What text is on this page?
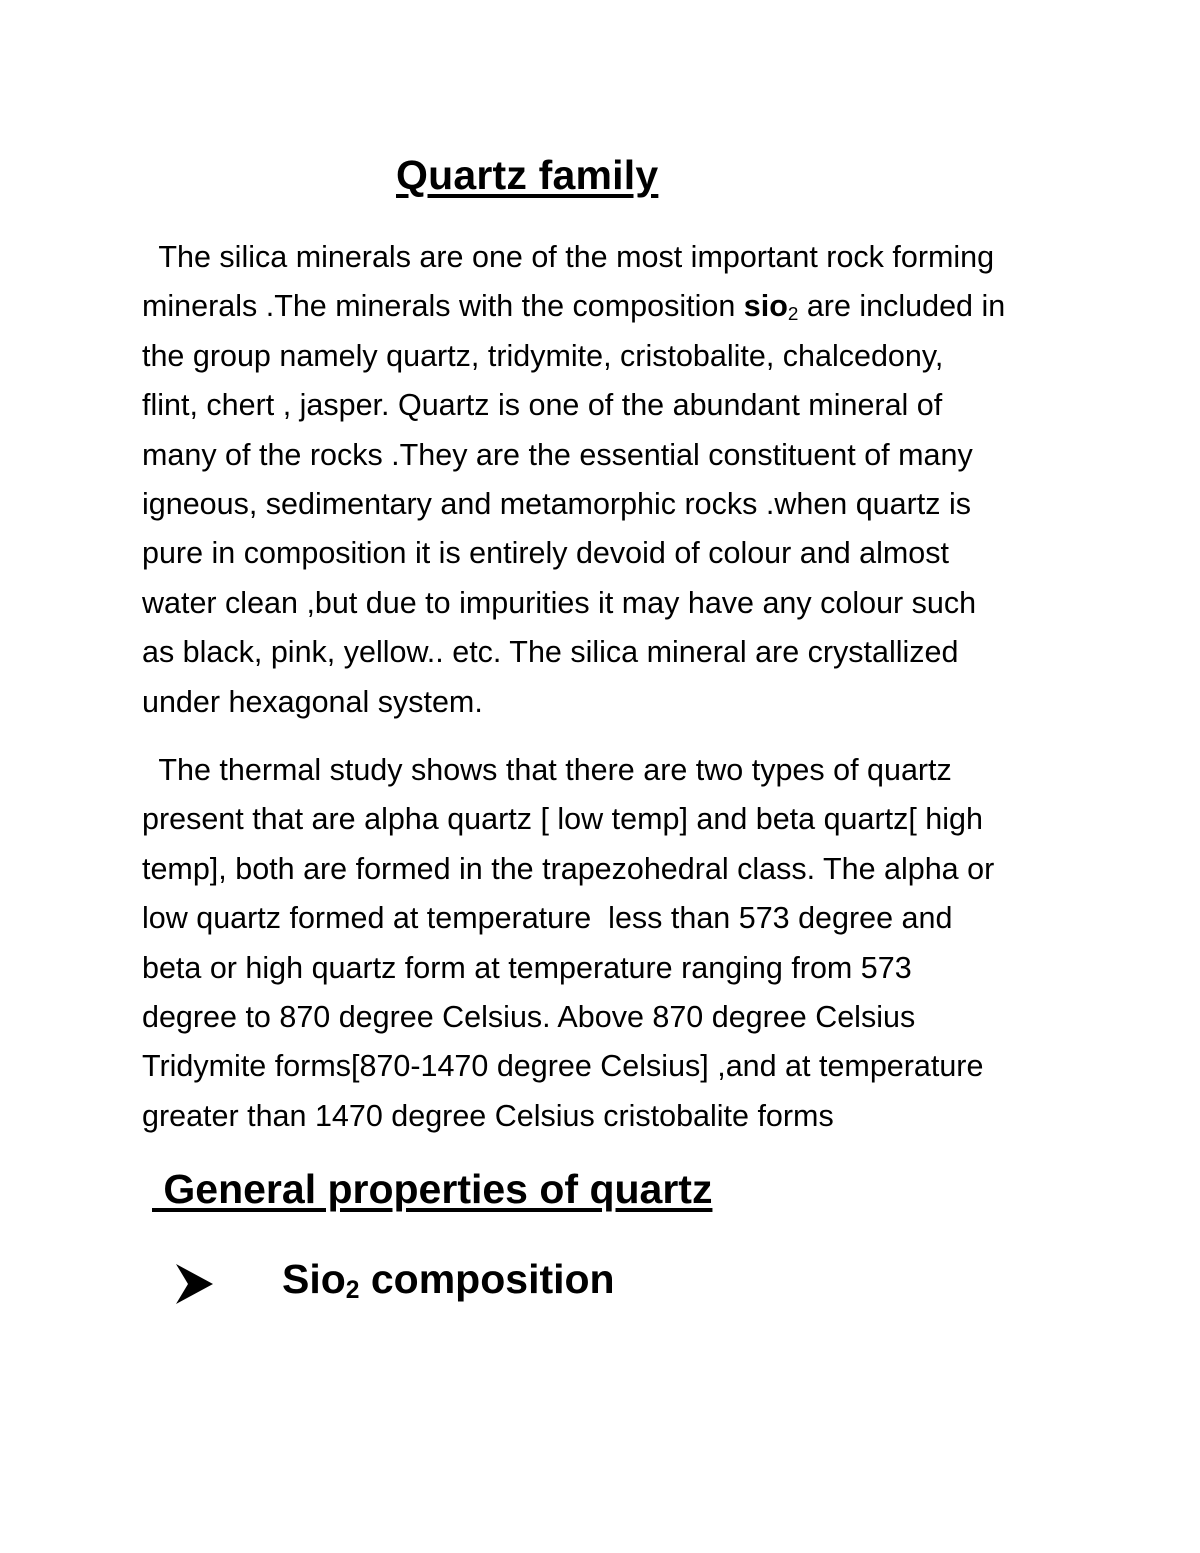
Quartz family

The silica minerals are one of the most important rock forming
minerals .The minerals with the composition sio$_2$ are included in
the group namely quartz, tridymite, cristobalite, chalcedony,
flint, chert , jasper. Quartz is one of the abundant mineral of
many of the rocks .They are the essential constituent of many
igneous, sedimentary and metamorphic rocks .when quartz is
pure in composition it is entirely devoid of colour and almost
water clean ,but due to impurities it may have any colour such
as black, pink, yellow.. etc. The silica mineral are crystallized
under hexagonal system.

The thermal study shows that there are two types of quartz
present that are alpha quartz [ low temp] and beta quartz[ high
temp], both are formed in the trapezohedral class. The alpha or
low quartz formed at temperature  less than 573 degree and
beta or high quartz form at temperature ranging from 573
degree to 870 degree Celsius. Above 870 degree Celsius
Tridymite forms[870-1470 degree Celsius] ,and at temperature
greater than 1470 degree Celsius cristobalite forms

General properties of quartz
Sio2 composition
